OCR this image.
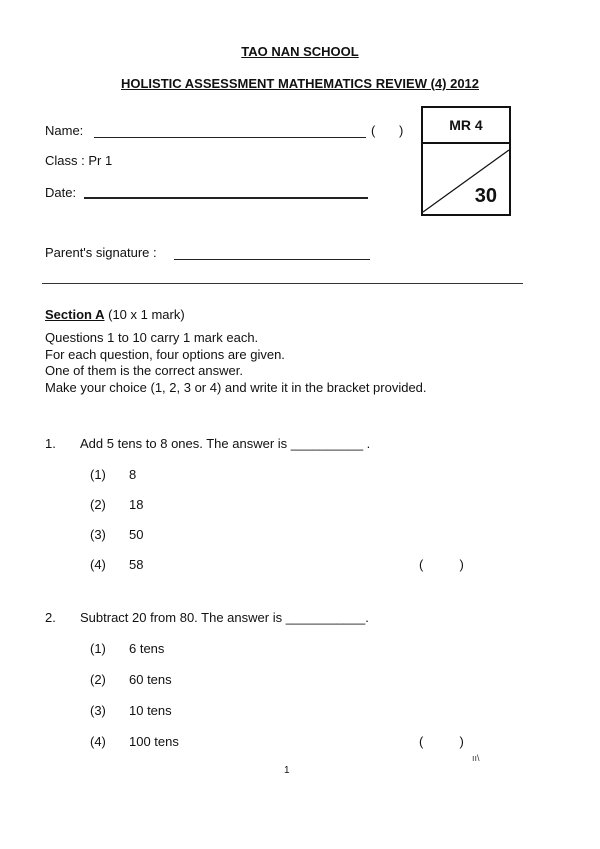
TAO NAN SCHOOL
HOLISTIC ASSESSMENT MATHEMATICS REVIEW (4) 2012
Name:	( )
Class : Pr 1
Date:
MR 4
30
Parent's signature :
Section A (10 x 1 mark)
Questions 1 to 10 carry 1 mark each.
For each question, four options are given.
One of them is the correct answer.
Make your choice (1, 2, 3 or 4) and write it in the bracket provided.
1. Add 5 tens to 8 ones. The answer is __________ .
(1) 8
(2) 18
(3) 50
(4) 58	(          )
2. Subtract 20 from 80. The answer is ___________.
(1) 6 tens
(2) 60 tens
(3) 10 tens
(4) 100 tens	(          )
ıı\
1
